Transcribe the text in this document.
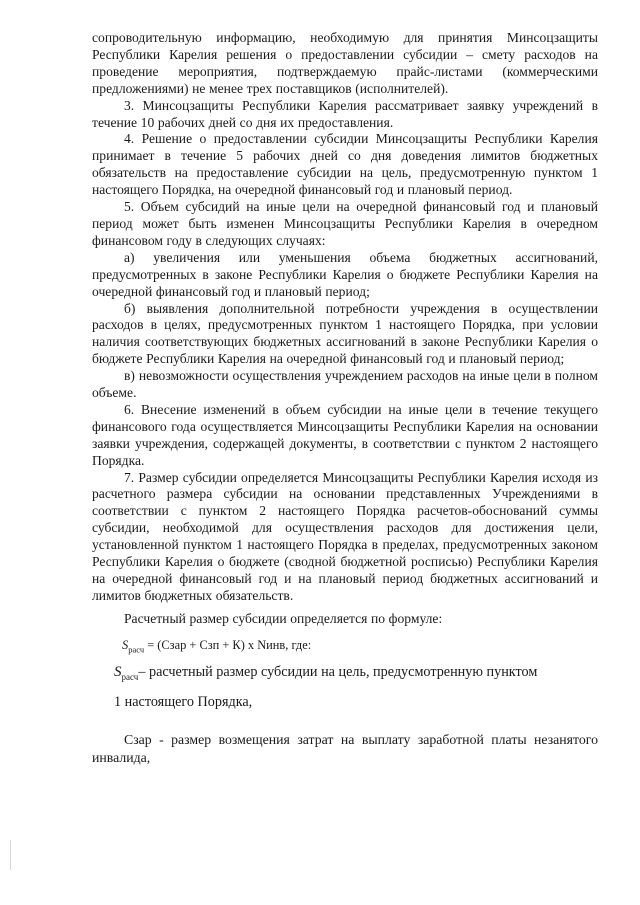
сопроводительную информацию, необходимую для принятия Минсоцзащиты Республики Карелия решения о предоставлении субсидии – смету расходов на проведение мероприятия, подтверждаемую прайс-листами (коммерческими предложениями) не менее трех поставщиков (исполнителей).

3. Минсоцзащиты Республики Карелия рассматривает заявку учреждений в течение 10 рабочих дней со дня их предоставления.

4. Решение о предоставлении субсидии Минсоцзащиты Республики Карелия принимает в течение 5 рабочих дней со дня доведения лимитов бюджетных обязательств на предоставление субсидии на цель, предусмотренную пунктом 1 настоящего Порядка, на очередной финансовый год и плановый период.

5. Объем субсидий на иные цели на очередной финансовый год и плановый период может быть изменен Минсоцзащиты Республики Карелия в очередном финансовом году в следующих случаях:

а) увеличения или уменьшения объема бюджетных ассигнований, предусмотренных в законе Республики Карелия о бюджете Республики Карелия на очередной финансовый год и плановый период;

б) выявления дополнительной потребности учреждения в осуществлении расходов в целях, предусмотренных пунктом 1 настоящего Порядка, при условии наличия соответствующих бюджетных ассигнований в законе Республики Карелия о бюджете Республики Карелия на очередной финансовый год и плановый период;

в) невозможности осуществления учреждением расходов на иные цели в полном объеме.

6. Внесение изменений в объем субсидии на иные цели в течение текущего финансового года осуществляется Минсоцзащиты Республики Карелия на основании заявки учреждения, содержащей документы, в соответствии с пунктом 2 настоящего Порядка.

7. Размер субсидии определяется Минсоцзащиты Республики Карелия исходя из расчетного размера субсидии на основании представленных Учреждениями в соответствии с пунктом 2 настоящего Порядка расчетов-обоснований суммы субсидии, необходимой для осуществления расходов для достижения цели, установленной пунктом 1 настоящего Порядка в пределах, предусмотренных законом Республики Карелия о бюджете (сводной бюджетной росписью) Республики Карелия на очередной финансовый год и на плановый период бюджетных ассигнований и лимитов бюджетных обязательств.

Расчетный размер субсидии определяется по формуле:

$S_{расч}$ = (Сзар + Сзп + К) x Nинв, где:
$S_{расч}-$ расчетный размер субсидии на цель, предусмотренную пунктом
1 настоящего Порядка,

Сзар - размер возмещения затрат на выплату заработной платы незанятого инвалида,
